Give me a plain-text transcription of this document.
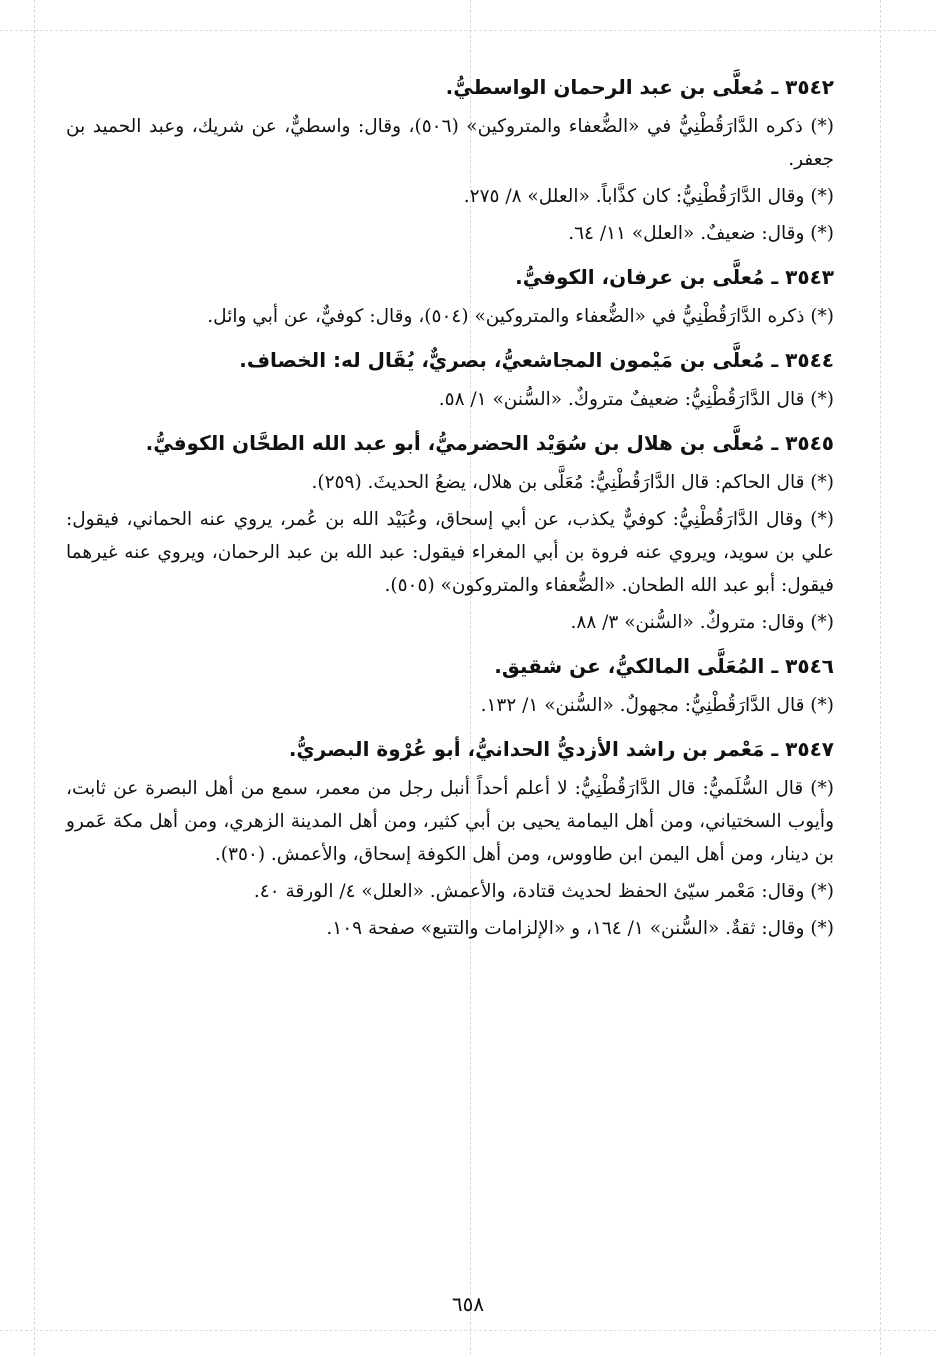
٣٥٤٢ ـ مُعلَّى بن عبد الرحمان الواسطيُّ.

(*) ذكره الدَّارَقُطْنِيُّ في «الضُّعفاء والمتروكين» (٥٠٦)، وقال: واسطيٌّ، عن شريك، وعبد الحميد بن جعفر.

(*) وقال الدَّارَقُطْنِيُّ: كان كذَّاباً. «العلل» ٨/ ٢٧٥.

(*) وقال: ضعيفٌ. «العلل» ١١/ ٦٤.

٣٥٤٣ ـ مُعلَّى بن عرفان، الكوفيُّ.

(*) ذكره الدَّارَقُطْنِيُّ في «الضُّعفاء والمتروكين» (٥٠٤)، وقال: كوفيٌّ، عن أبي وائل.

٣٥٤٤ ـ مُعلَّى بن مَيْمون المجاشعيُّ، بصريٌّ، يُقَال له: الخصاف.

(*) قال الدَّارَقُطْنِيُّ: ضعيفٌ متروكٌ. «السُّنن» ١/ ٥٨.

٣٥٤٥ ـ مُعلَّى بن هلال بن سُوَيْد الحضرميُّ، أبو عبد الله الطحَّان الكوفيُّ.

(*) قال الحاكم: قال الدَّارَقُطْنِيُّ: مُعَلَّى بن هلال، يضعُ الحديثَ. (٢٥٩).

(*) وقال الدَّارَقُطْنِيُّ: كوفيٌّ يكذب، عن أبي إسحاق، وعُبَيْد الله بن عُمر، يروي عنه الحماني، فيقول: علي بن سويد، ويروي عنه فروة بن أبي المغراء فيقول: عبد الله بن عبد الرحمان، ويروي عنه غيرهما فيقول: أبو عبد الله الطحان. «الضُّعفاء والمتروكون» (٥٠٥).

(*) وقال: متروكٌ. «السُّنن» ٣/ ٨٨.

٣٥٤٦ ـ المُعَلَّى المالكيُّ، عن شقيق.

(*) قال الدَّارَقُطْنِيُّ: مجهولٌ. «السُّنن» ١/ ١٣٢.

٣٥٤٧ ـ مَعْمر بن راشد الأزديُّ الحدانيُّ، أبو عُرْوة البصريُّ.

(*) قال السُّلَميُّ: قال الدَّارَقُطْنِيُّ: لا أعلم أحداً أنبل رجل من معمر، سمع من أهل البصرة عن ثابت، وأيوب السختياني، ومن أهل اليمامة يحيى بن أبي كثير، ومن أهل المدينة الزهري، ومن أهل مكة عَمرو بن دينار، ومن أهل اليمن ابن طاووس، ومن أهل الكوفة إسحاق، والأعمش. (٣٥٠).

(*) وقال: مَعْمر سيّئ الحفظ لحديث قتادة، والأعمش. «العلل» ٤/ الورقة ٤٠.

(*) وقال: ثقةٌ. «السُّنن» ١/ ١٦٤، و «الإلزامات والتتبع» صفحة ١٠٩.

٦٥٨
